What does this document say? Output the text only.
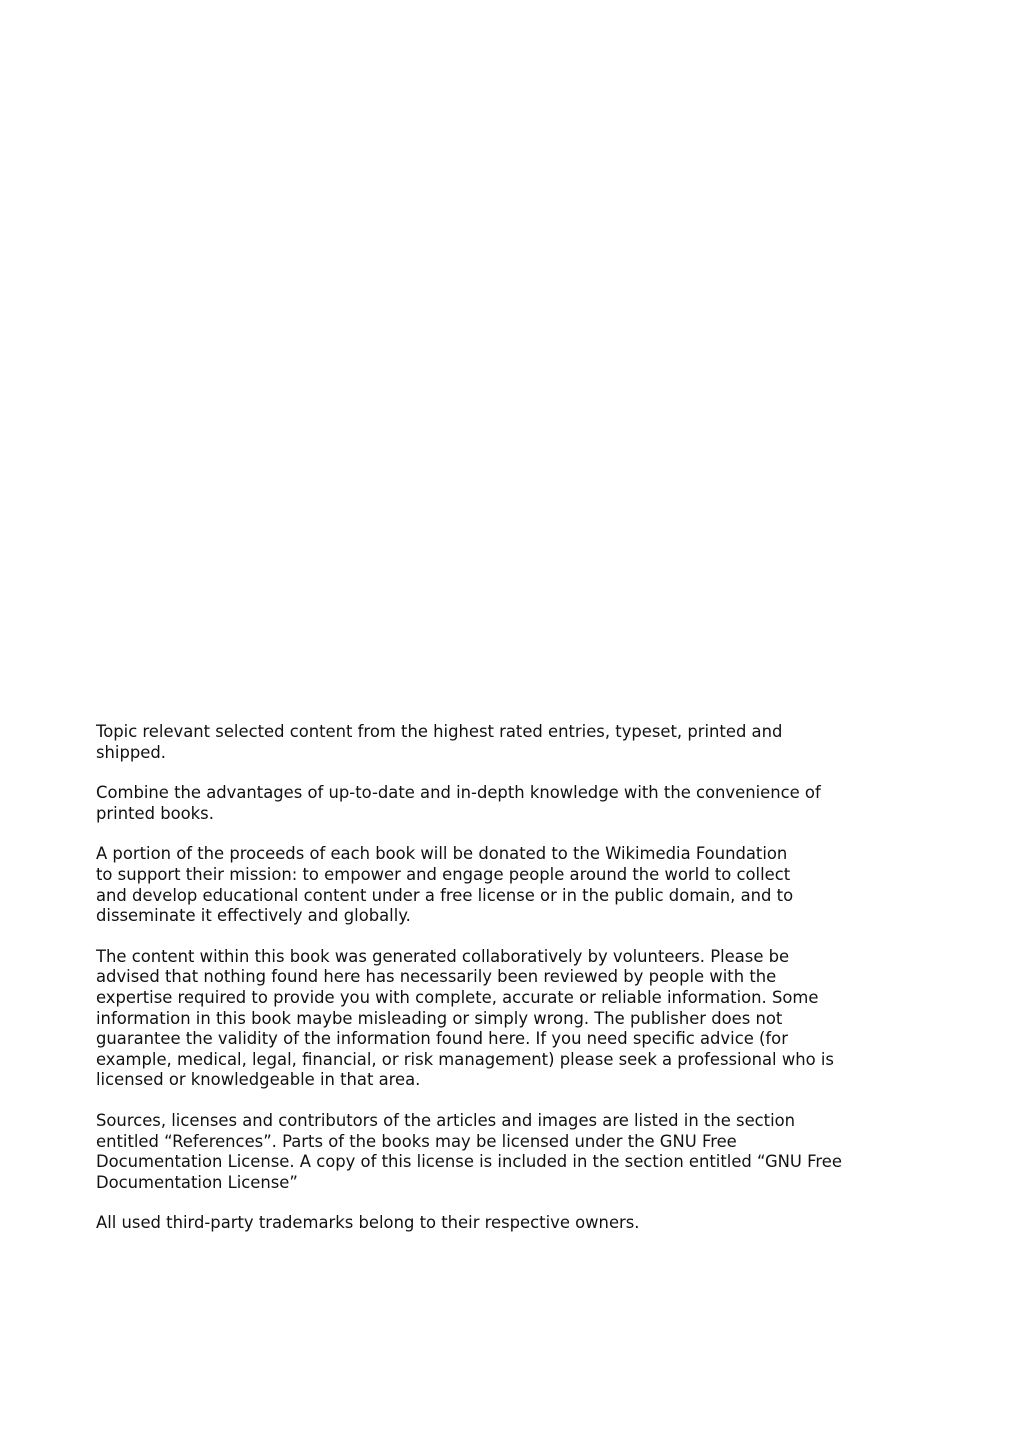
Topic relevant selected content from the highest rated entries, typeset, printed and
shipped.

Combine the advantages of up-to-date and in-depth knowledge with the convenience of
printed books.

A portion of the proceeds of each book will be donated to the Wikimedia Foundation
to support their mission: to empower and engage people around the world to collect
and develop educational content under a free license or in the public domain, and to
disseminate it effectively and globally.

The content within this book was generated collaboratively by volunteers. Please be
advised that nothing found here has necessarily been reviewed by people with the
expertise required to provide you with complete, accurate or reliable information. Some
information in this book maybe misleading or simply wrong. The publisher does not
guarantee the validity of the information found here. If you need specific advice (for
example, medical, legal, financial, or risk management) please seek a professional who is
licensed or knowledgeable in that area.

Sources, licenses and contributors of the articles and images are listed in the section
entitled “References”. Parts of the books may be licensed under the GNU Free
Documentation License. A copy of this license is included in the section entitled “GNU Free
Documentation License”

All used third-party trademarks belong to their respective owners.
